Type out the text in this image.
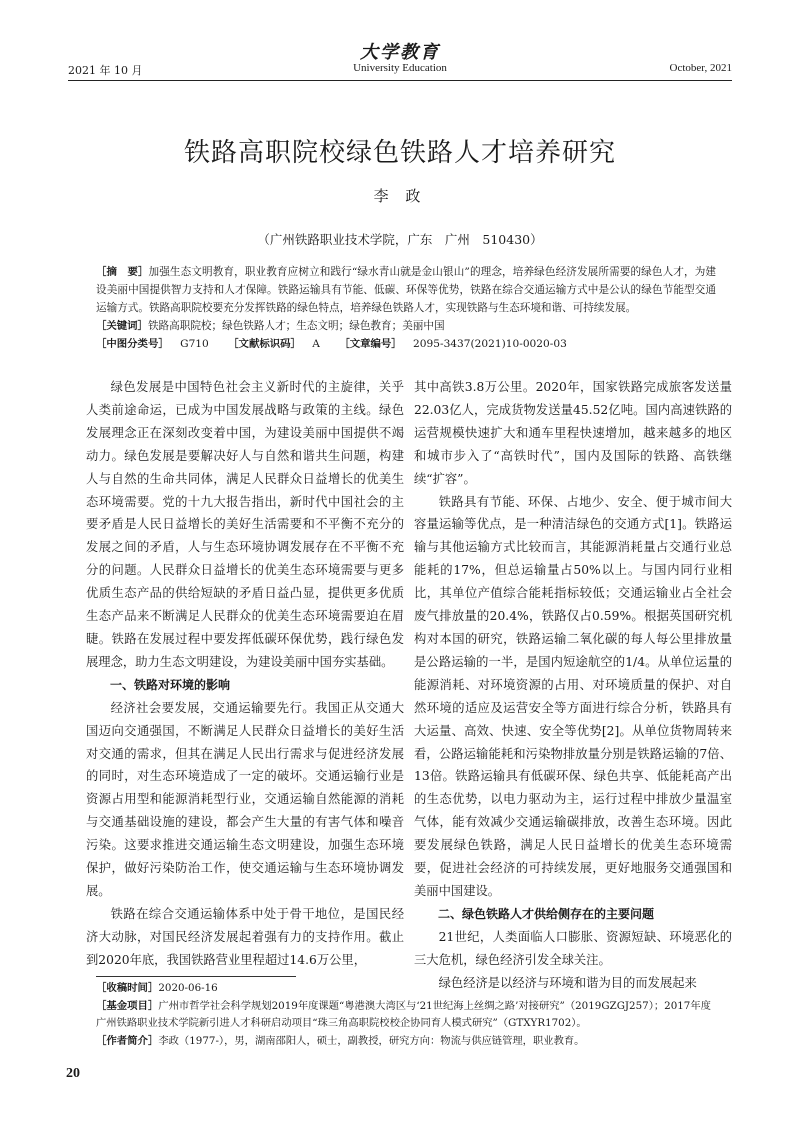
大学教育
2021 年 10 月	University Education	October, 2021
铁路高职院校绿色铁路人才培养研究
李 政
（广州铁路职业技术学院，广东　广州　510430）

［摘　要］加强生态文明教育，职业教育应树立和践行“绿水青山就是金山银山”的理念，培养绿色经济发展所需要的绿色人才，为建设美丽中国提供智力支持和人才保障。铁路运输具有节能、低碳、环保等优势，铁路在综合交通运输方式中是公认的绿色节能型交通运输方式。铁路高职院校要充分发挥铁路的绿色特点，培养绿色铁路人才，实现铁路与生态环境和谐、可持续发展。

［关键词］铁路高职院校；绿色铁路人才；生态文明；绿色教育；美丽中国

［中图分类号］ G710 ［文献标识码］ A ［文章编号］ 2095-3437(2021)10-0020-03

绿色发展是中国特色社会主义新时代的主旋律，关乎人类前途命运，已成为中国发展战略与政策的主线。绿色发展理念正在深刻改变着中国，为建设美丽中国提供不竭动力。绿色发展是要解决好人与自然和谐共生问题，构建人与自然的生命共同体，满足人民群众日益增长的优美生态环境需要。党的十九大报告指出，新时代中国社会的主要矛盾是人民日益增长的美好生活需要和不平衡不充分的发展之间的矛盾，人与生态环境协调发展存在不平衡不充分的问题。人民群众日益增长的优美生态环境需要与更多优质生态产品的供给短缺的矛盾日益凸显，提供更多优质生态产品来不断满足人民群众的优美生态环境需要迫在眉睫。铁路在发展过程中要发挥低碳环保优势，践行绿色发展理念，助力生态文明建设，为建设美丽中国夯实基础。

一、铁路对环境的影响

经济社会要发展，交通运输要先行。我国正从交通大国迈向交通强国，不断满足人民群众日益增长的美好生活对交通的需求，但其在满足人民出行需求与促进经济发展的同时，对生态环境造成了一定的破坏。交通运输行业是资源占用型和能源消耗型行业，交通运输自然能源的消耗与交通基础设施的建设，都会产生大量的有害气体和噪音污染。这要求推进交通运输生态文明建设，加强生态环境保护，做好污染防治工作，使交通运输与生态环境协调发展。

铁路在综合交通运输体系中处于骨干地位，是国民经济大动脉，对国民经济发展起着强有力的支持作用。截止到2020年底，我国铁路营业里程超过14.6万公里，

其中高铁3.8万公里。2020年，国家铁路完成旅客发送量22.03亿人，完成货物发送量45.52亿吨。国内高速铁路的运营规模快速扩大和通车里程快速增加，越来越多的地区和城市步入了“高铁时代”，国内及国际的铁路、高铁继续“扩容”。

铁路具有节能、环保、占地少、安全、便于城市间大容量运输等优点，是一种清洁绿色的交通方式[1]。铁路运输与其他运输方式比较而言，其能源消耗量占交通行业总能耗的17%，但总运输量占50%以上。与国内同行业相比，其单位产值综合能耗指标较低；交通运输业占全社会废气排放量的20.4%，铁路仅占0.59%。根据英国研究机构对本国的研究，铁路运输二氧化碳的每人每公里排放量是公路运输的一半，是国内短途航空的1/4。从单位运量的能源消耗、对环境资源的占用、对环境质量的保护、对自然环境的适应及运营安全等方面进行综合分析，铁路具有大运量、高效、快速、安全等优势[2]。从单位货物周转来看，公路运输能耗和污染物排放量分别是铁路运输的7倍、13倍。铁路运输具有低碳环保、绿色共享、低能耗高产出的生态优势，以电力驱动为主，运行过程中排放少量温室气体，能有效减少交通运输碳排放，改善生态环境。因此要发展绿色铁路，满足人民日益增长的优美生态环境需要，促进社会经济的可持续发展，更好地服务交通强国和美丽中国建设。

二、绿色铁路人才供给侧存在的主要问题

21世纪，人类面临人口膨胀、资源短缺、环境恶化的三大危机，绿色经济引发全球关注。

绿色经济是以经济与环境和谐为目的而发展起来

［收稿时间］2020-06-16

［基金项目］广州市哲学社会科学规划2019年度课题“粤港澳大湾区与‘21世纪海上丝绸之路’对接研究”（2019GZGJ257）；2017年度广州铁路职业技术学院新引进人才科研启动项目“珠三角高职院校校企协同育人模式研究”（GTXYR1702）。

［作者简介］李政（1977-），男，湖南邵阳人，硕士，副教授，研究方向：物流与供应链管理，职业教育。

20
